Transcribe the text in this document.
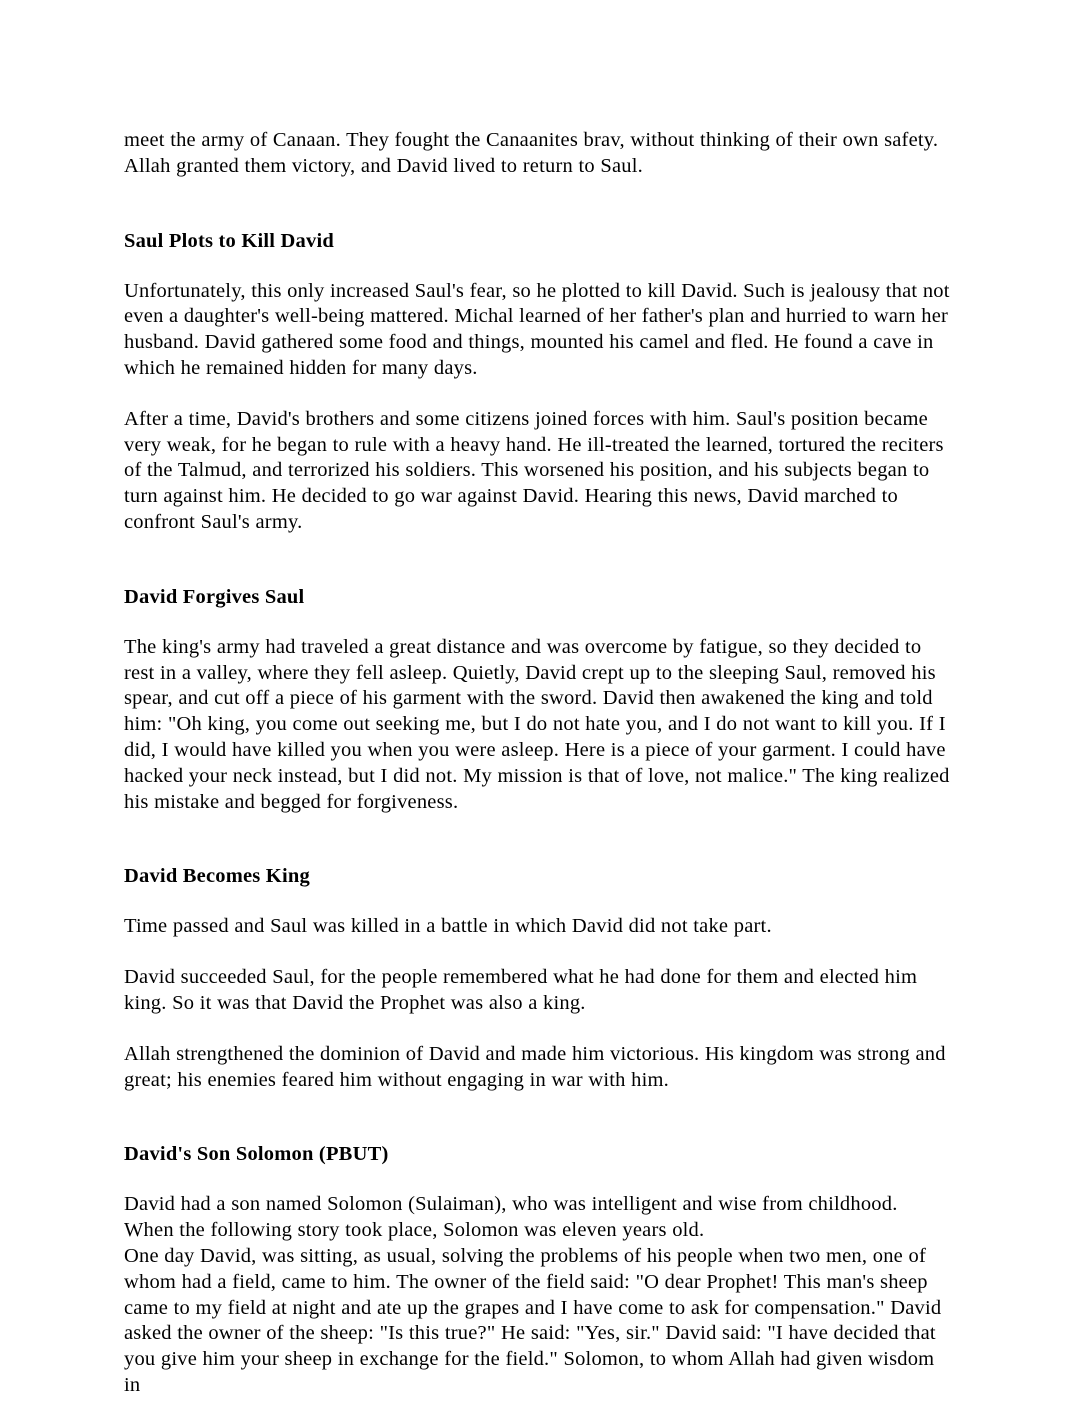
meet the army of Canaan. They fought the Canaanites brav, without thinking of their own safety. Allah granted them victory, and David lived to return to Saul.

Saul Plots to Kill David

Unfortunately, this only increased Saul's fear, so he plotted to kill David. Such is jealousy that not even a daughter's well-being mattered. Michal learned of her father's plan and hurried to warn her husband. David gathered some food and things, mounted his camel and fled. He found a cave in which he remained hidden for many days.

After a time, David's brothers and some citizens joined forces with him. Saul's position became very weak, for he began to rule with a heavy hand. He ill-treated the learned, tortured the reciters of the Talmud, and terrorized his soldiers. This worsened his position, and his subjects began to turn against him. He decided to go war against David. Hearing this news, David marched to confront Saul's army.

David Forgives Saul

The king's army had traveled a great distance and was overcome by fatigue, so they decided to rest in a valley, where they fell asleep. Quietly, David crept up to the sleeping Saul, removed his spear, and cut off a piece of his garment with the sword. David then awakened the king and told him: "Oh king, you come out seeking me, but I do not hate you, and I do not want to kill you. If I did, I would have killed you when you were asleep. Here is a piece of your garment. I could have hacked your neck instead, but I did not. My mission is that of love, not malice." The king realized his mistake and begged for forgiveness.

David Becomes King

Time passed and Saul was killed in a battle in which David did not take part.

David succeeded Saul, for the people remembered what he had done for them and elected him king. So it was that David the Prophet was also a king.

Allah strengthened the dominion of David and made him victorious. His kingdom was strong and great; his enemies feared him without engaging in war with him.

David's Son Solomon (PBUT)

David had a son named Solomon (Sulaiman), who was intelligent and wise from childhood. When the following story took place, Solomon was eleven years old.

One day David, was sitting, as usual, solving the problems of his people when two men, one of whom had a field, came to him. The owner of the field said: "O dear Prophet! This man's sheep came to my field at night and ate up the grapes and I have come to ask for compensation." David asked the owner of the sheep: "Is this true?" He said: "Yes, sir." David said: "I have decided that you give him your sheep in exchange for the field." Solomon, to whom Allah had given wisdom in
